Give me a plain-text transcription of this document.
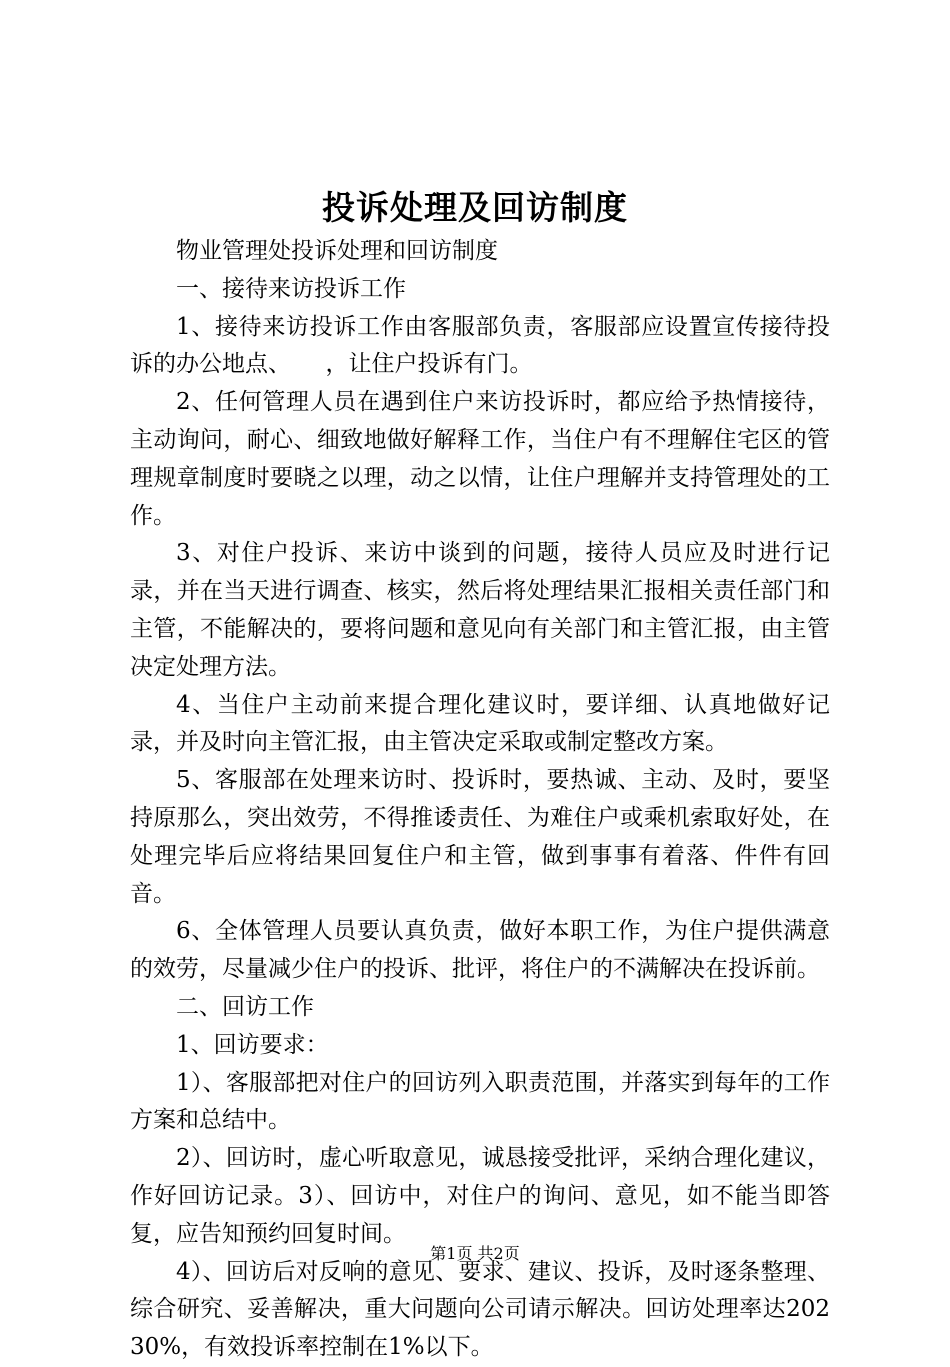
投诉处理及回访制度

物业管理处投诉处理和回访制度

一、接待来访投诉工作

1、接待来访投诉工作由客服部负责，客服部应设置宣传接待投诉的办公地点、　　，让住户投诉有门。

2、任何管理人员在遇到住户来访投诉时，都应给予热情接待，主动询问，耐心、细致地做好解释工作，当住户有不理解住宅区的管理规章制度时要晓之以理，动之以情，让住户理解并支持管理处的工作。

3、对住户投诉、来访中谈到的问题，接待人员应及时进行记录，并在当天进行调查、核实，然后将处理结果汇报相关责任部门和主管，不能解决的，要将问题和意见向有关部门和主管汇报，由主管决定处理方法。

4、当住户主动前来提合理化建议时，要详细、认真地做好记录，并及时向主管汇报，由主管决定采取或制定整改方案。

5、客服部在处理来访时、投诉时，要热诚、主动、及时，要坚持原那么，突出效劳，不得推诿责任、为难住户或乘机索取好处，在处理完毕后应将结果回复住户和主管，做到事事有着落、件件有回音。

6、全体管理人员要认真负责，做好本职工作，为住户提供满意的效劳，尽量减少住户的投诉、批评，将住户的不满解决在投诉前。

二、回访工作

1、回访要求：

1）、客服部把对住户的回访列入职责范围，并落实到每年的工作方案和总结中。

2）、回访时，虚心听取意见，诚恳接受批评，采纳合理化建议，作好回访记录。3）、回访中，对住户的询问、意见，如不能当即答复，应告知预约回复时间。

4）、回访后对反响的意见、要求、建议、投诉，及时逐条整理、综合研究、妥善解决，重大问题向公司请示解决。回访处理率达20230%，有效投诉率控制在1%以下。

第1页 共2页
